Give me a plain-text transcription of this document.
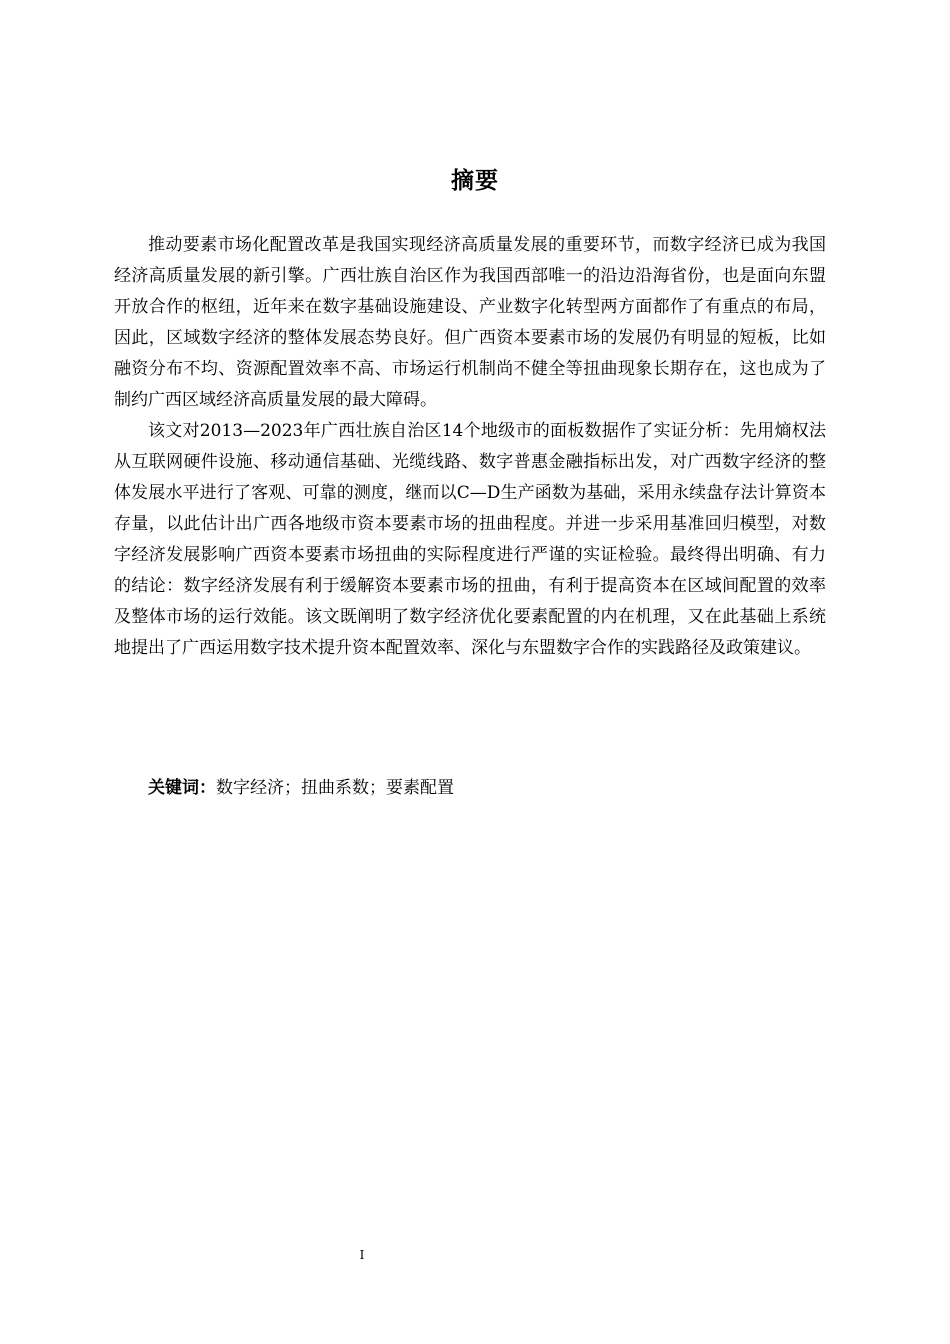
摘要

推动要素市场化配置改革是我国实现经济高质量发展的重要环节，而数字经济已成为我国经济高质量发展的新引擎。广西壮族自治区作为我国西部唯一的沿边沿海省份，也是面向东盟开放合作的枢纽，近年来在数字基础设施建设、产业数字化转型两方面都作了有重点的布局，因此，区域数字经济的整体发展态势良好。但广西资本要素市场的发展仍有明显的短板，比如融资分布不均、资源配置效率不高、市场运行机制尚不健全等扭曲现象长期存在，这也成为了制约广西区域经济高质量发展的最大障碍。

该文对2013—2023年广西壮族自治区14个地级市的面板数据作了实证分析：先用熵权法从互联网硬件设施、移动通信基础、光缆线路、数字普惠金融指标出发，对广西数字经济的整体发展水平进行了客观、可靠的测度，继而以C—D生产函数为基础，采用永续盘存法计算资本存量，以此估计出广西各地级市资本要素市场的扭曲程度。并进一步采用基准回归模型，对数字经济发展影响广西资本要素市场扭曲的实际程度进行严谨的实证检验。最终得出明确、有力的结论：数字经济发展有利于缓解资本要素市场的扭曲，有利于提高资本在区域间配置的效率及整体市场的运行效能。该文既阐明了数字经济优化要素配置的内在机理，又在此基础上系统地提出了广西运用数字技术提升资本配置效率、深化与东盟数字合作的实践路径及政策建议。

关键词：数字经济；扭曲系数；要素配置
I
